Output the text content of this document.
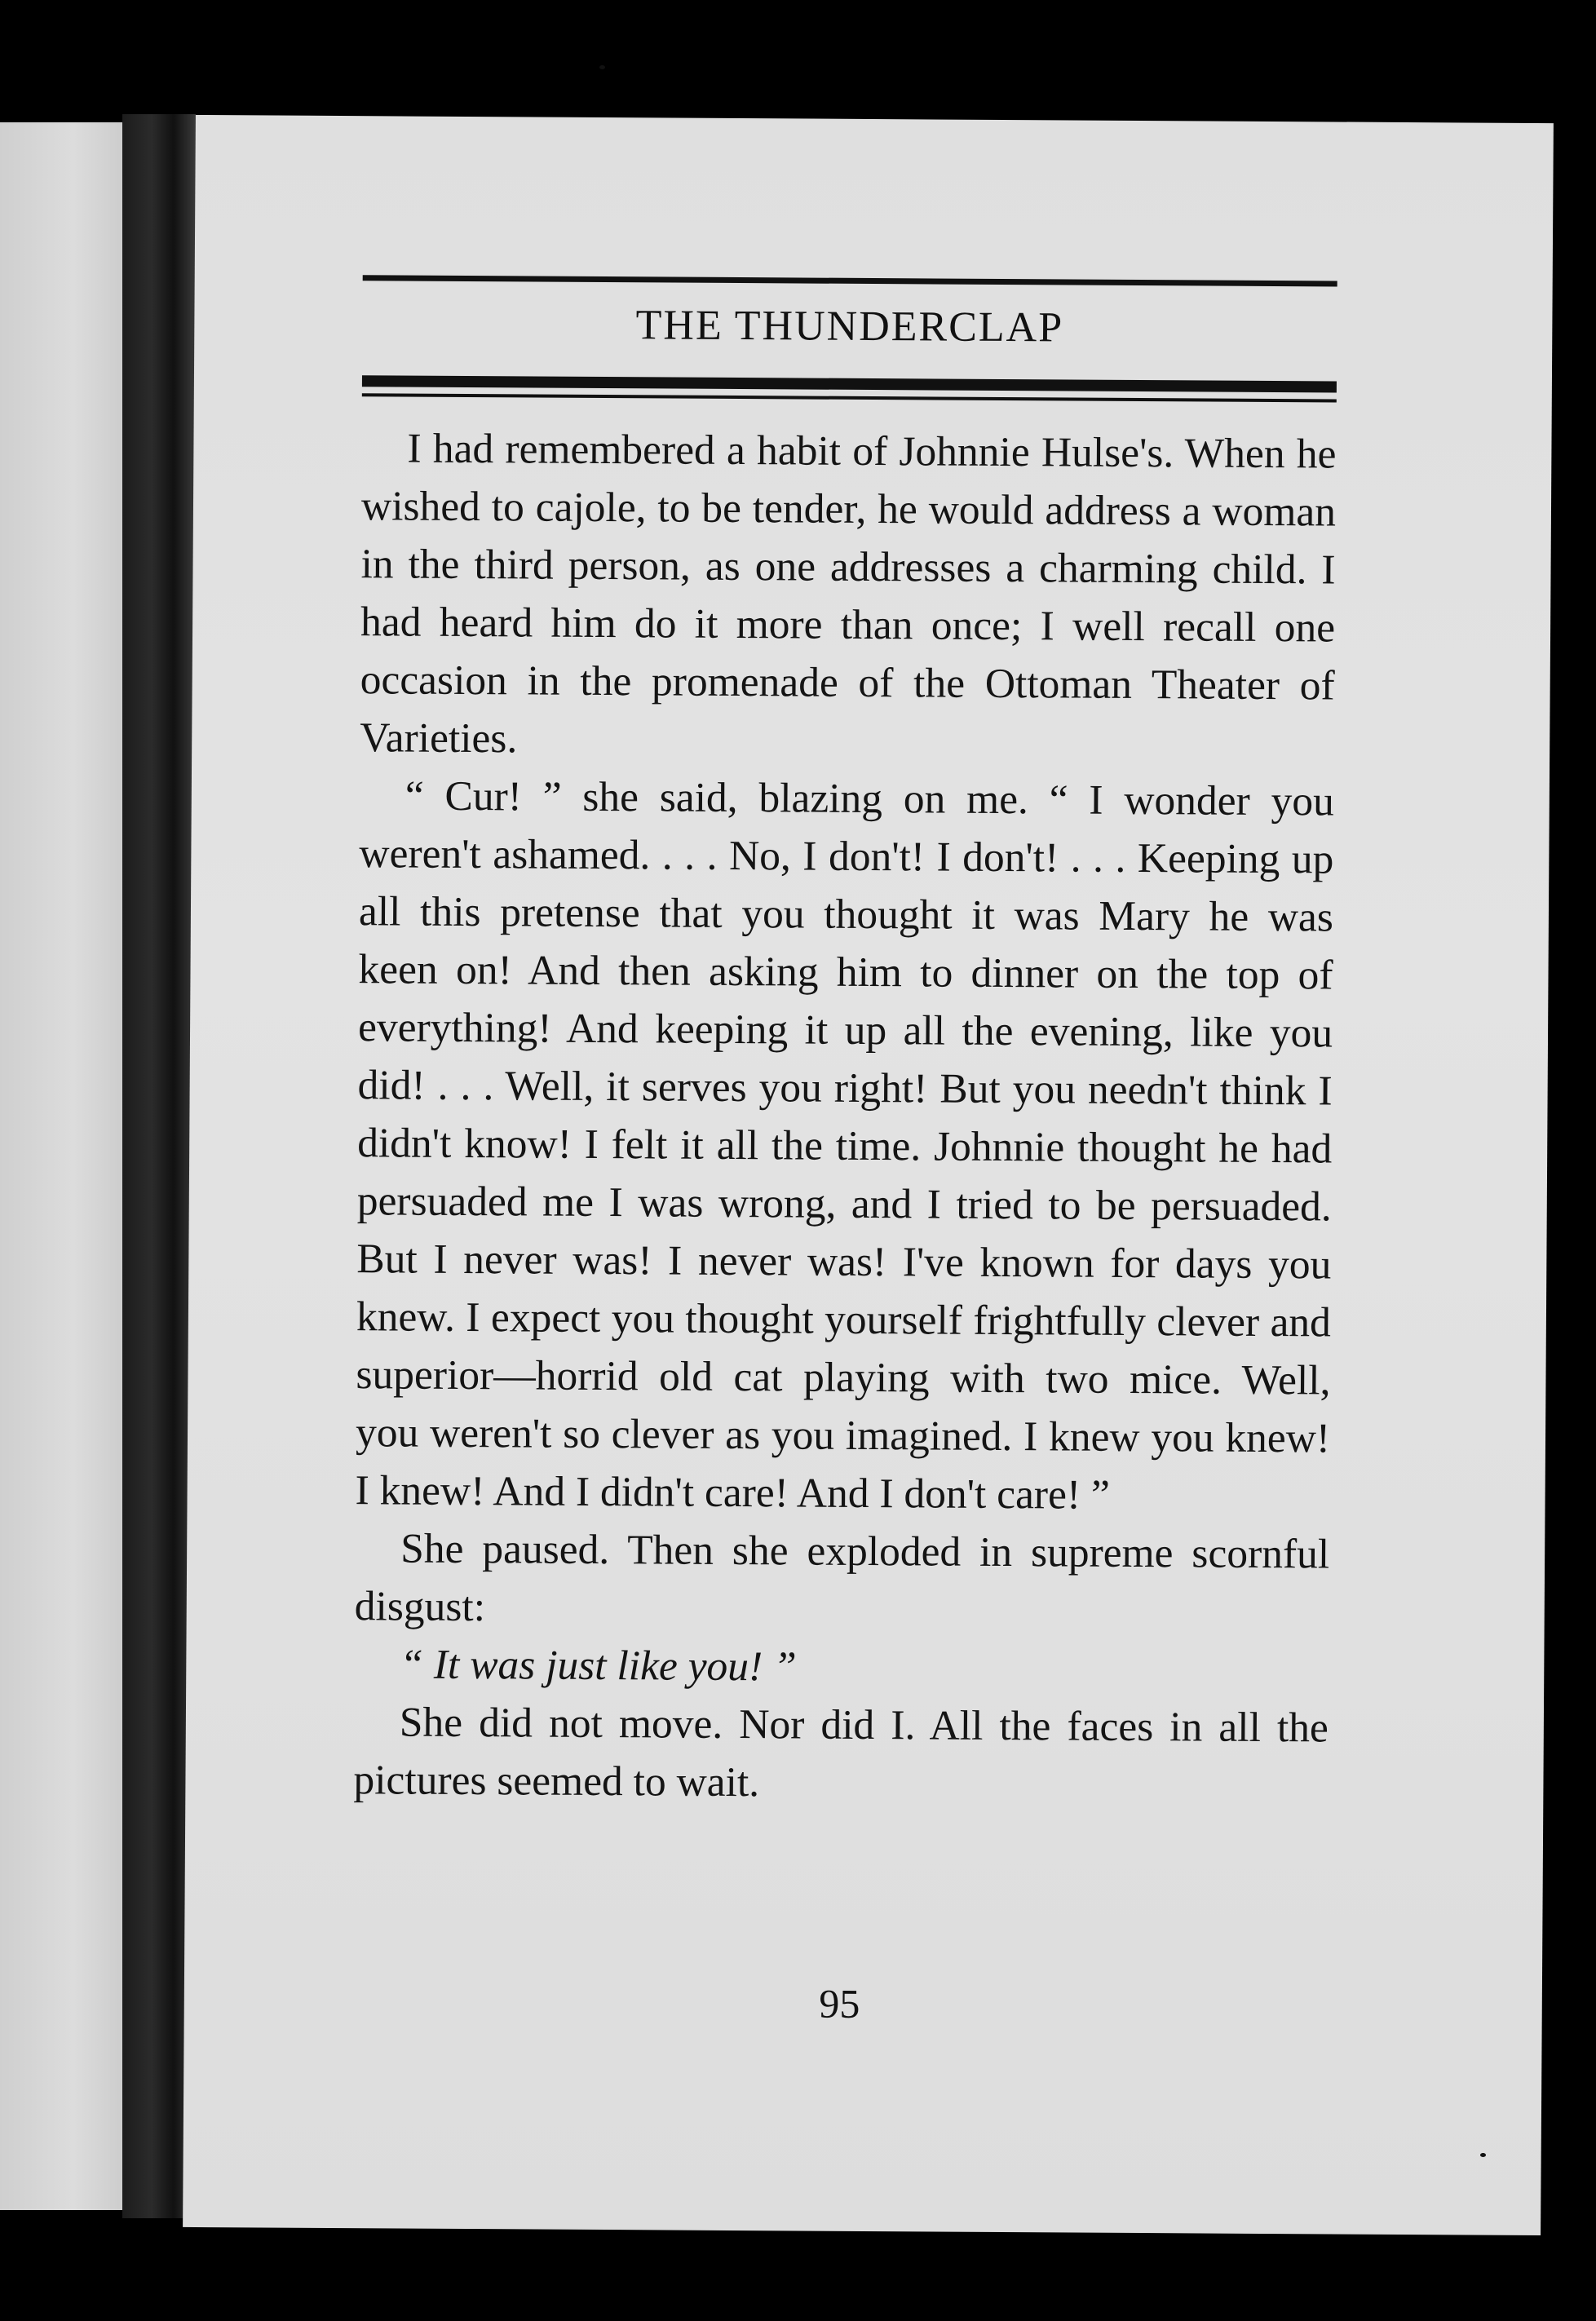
THE THUNDERCLAP

I had remembered a habit of Johnnie Hulse's. When he wished to cajole, to be tender, he would address a woman in the third person, as one addresses a charming child. I had heard him do it more than once; I well recall one occasion in the promenade of the Ottoman Theater of Varieties.

“ Cur! ” she said, blazing on me. “ I wonder you weren't ashamed. . . . No, I don't! I don't! . . . Keeping up all this pretense that you thought it was Mary he was keen on! And then asking him to dinner on the top of everything! And keeping it up all the evening, like you did! . . . Well, it serves you right! But you needn't think I didn't know! I felt it all the time. Johnnie thought he had persuaded me I was wrong, and I tried to be persuaded. But I never was! I never was! I've known for days you knew. I expect you thought yourself frightfully clever and superior—horrid old cat playing with two mice. Well, you weren't so clever as you imagined. I knew you knew! I knew! And I didn't care! And I don't care! ”

She paused. Then she exploded in supreme scornful disgust:

“ It was just like you! ”

She did not move. Nor did I. All the faces in all the pictures seemed to wait.

95
